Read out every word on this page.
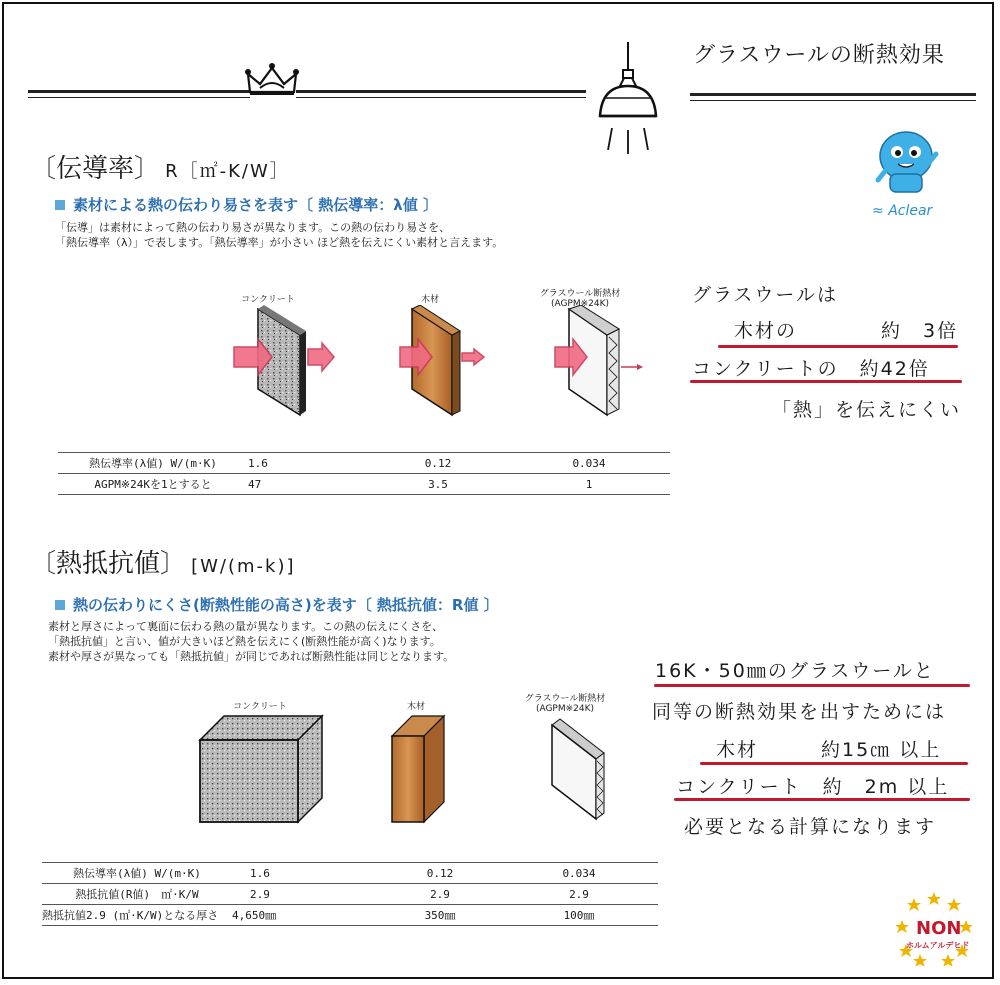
グラスウールの断熱効果
〔伝導率〕 R［㎡-K/W］
素材による熱の伝わり易さを表す〔 熱伝導率：λ値 〕
「伝導」は素材によって熱の伝わり易さが異なります。この熱の伝わり易さを、
「熱伝導率（λ）」で表します。「熱伝導率」が小さい ほど熱を伝えにくい素材と言えます。
コンクリート	木材
グラスウール断熱材
(AGPM※24K)
熱伝導率(λ値) W/(m·K)	1.6	0.12	0.034
AGPM※24Kを1とすると	47	3.5	1
≈ Aclear
グラスウールは
木材の　　　　約　3倍
コンクリートの　約42倍
「熱」を伝えにくい
〔熱抵抗値〕 [W/(m-k)]
熱の伝わりにくさ(断熱性能の高さ)を表す〔 熱抵抗値：R値 〕
素材と厚さによって裏面に伝わる熱の量が異なります。この熱の伝えにくさを、
「熱抵抗値」と言い、値が大きいほど熱を伝えにく(断熱性能が高く)なります。
素材や厚さが異なっても「熱抵抗値」が同じであれば断熱性能は同じとなります。
コンクリート	木材
グラスウール断熱材
(AGPM※24K)
熱伝導率(λ値) W/(m·K)	1.6	0.12	0.034
熱抵抗値(R値)　㎡·K/W	2.9	2.9	2.9
熱抵抗値2.9 (㎡·K/W)となる厚さ	4,650㎜	350㎜	100㎜
16K・50㎜のグラスウールと
同等の断熱効果を出すためには
木材　　　約15㎝ 以上
コンクリート　約　2m 以上
必要となる計算になります
NON
ホルムアルデヒド
